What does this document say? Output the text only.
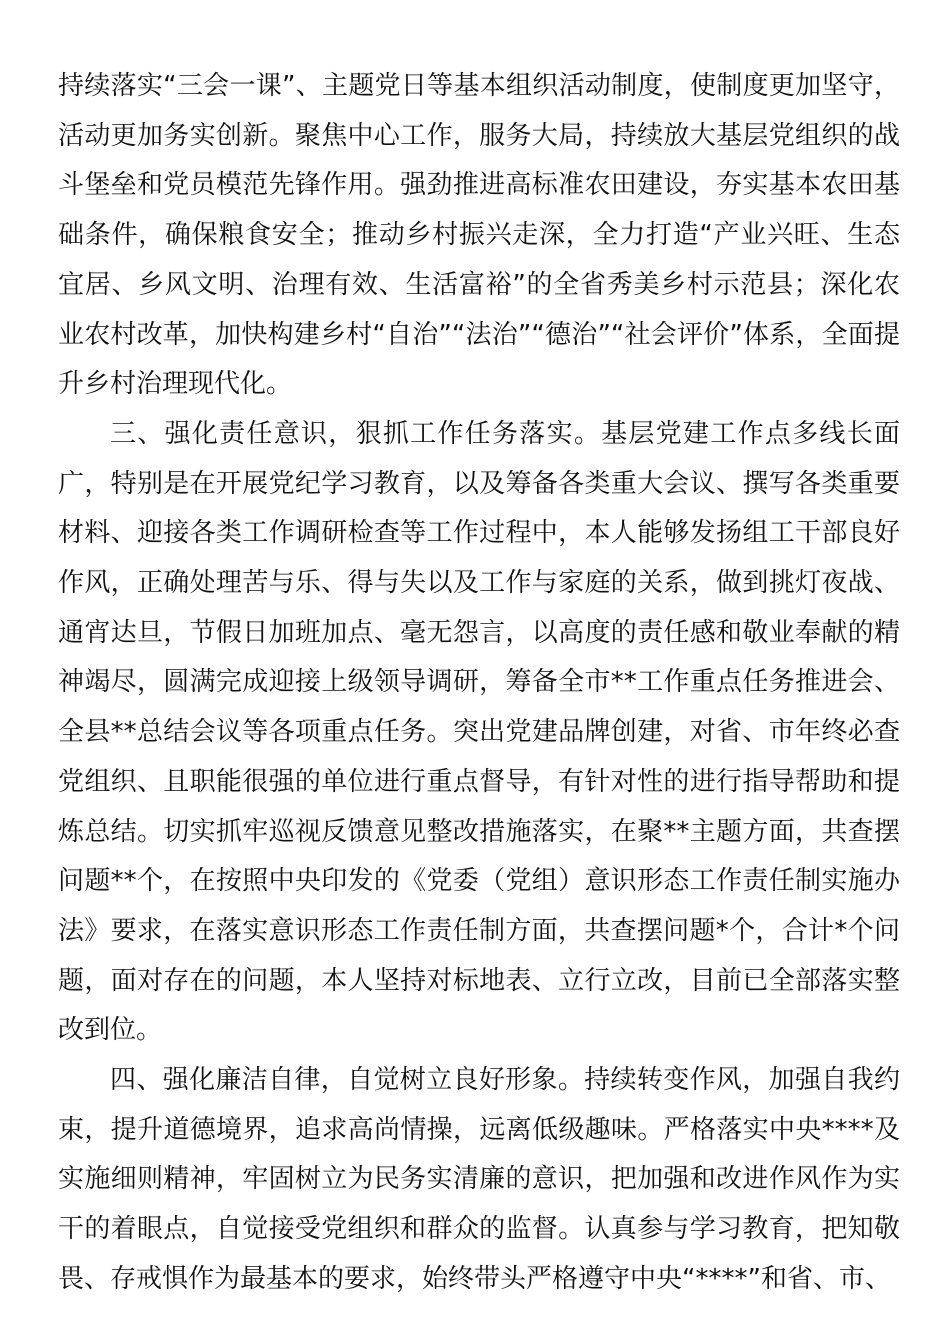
持续落实“三会一课”、主题党日等基本组织活动制度，使制度更加坚守，活动更加务实创新。聚焦中心工作，服务大局，持续放大基层党组织的战斗堡垒和党员模范先锋作用。强劲推进高标准农田建设，夯实基本农田基础条件，确保粮食安全；推动乡村振兴走深，全力打造“产业兴旺、生态宜居、乡风文明、治理有效、生活富裕”的全省秀美乡村示范县；深化农业农村改革，加快构建乡村“自治”“法治”“德治”“社会评价”体系，全面提升乡村治理现代化。

三、强化责任意识，狠抓工作任务落实。基层党建工作点多线长面广，特别是在开展党纪学习教育，以及筹备各类重大会议、撰写各类重要材料、迎接各类工作调研检查等工作过程中，本人能够发扬组工干部良好作风，正确处理苦与乐、得与失以及工作与家庭的关系，做到挑灯夜战、通宵达旦，节假日加班加点、毫无怨言，以高度的责任感和敬业奉献的精神竭尽，圆满完成迎接上级领导调研，筹备全市**工作重点任务推进会、全县**总结会议等各项重点任务。突出党建品牌创建，对省、市年终必查党组织、且职能很强的单位进行重点督导，有针对性的进行指导帮助和提炼总结。切实抓牢巡视反馈意见整改措施落实，在聚**主题方面，共查摆问题**个，在按照中央印发的《党委（党组）意识形态工作责任制实施办法》要求，在落实意识形态工作责任制方面，共查摆问题*个，合计*个问题，面对存在的问题，本人坚持对标地表、立行立改，目前已全部落实整改到位。

四、强化廉洁自律，自觉树立良好形象。持续转变作风，加强自我约束，提升道德境界，追求高尚情操，远离低级趣味。严格落实中央****及实施细则精神，牢固树立为民务实清廉的意识，把加强和改进作风作为实干的着眼点，自觉接受党组织和群众的监督。认真参与学习教育，把知敬畏、存戒惧作为最基本的要求，始终带头严格遵守中央“****”和省、市、
